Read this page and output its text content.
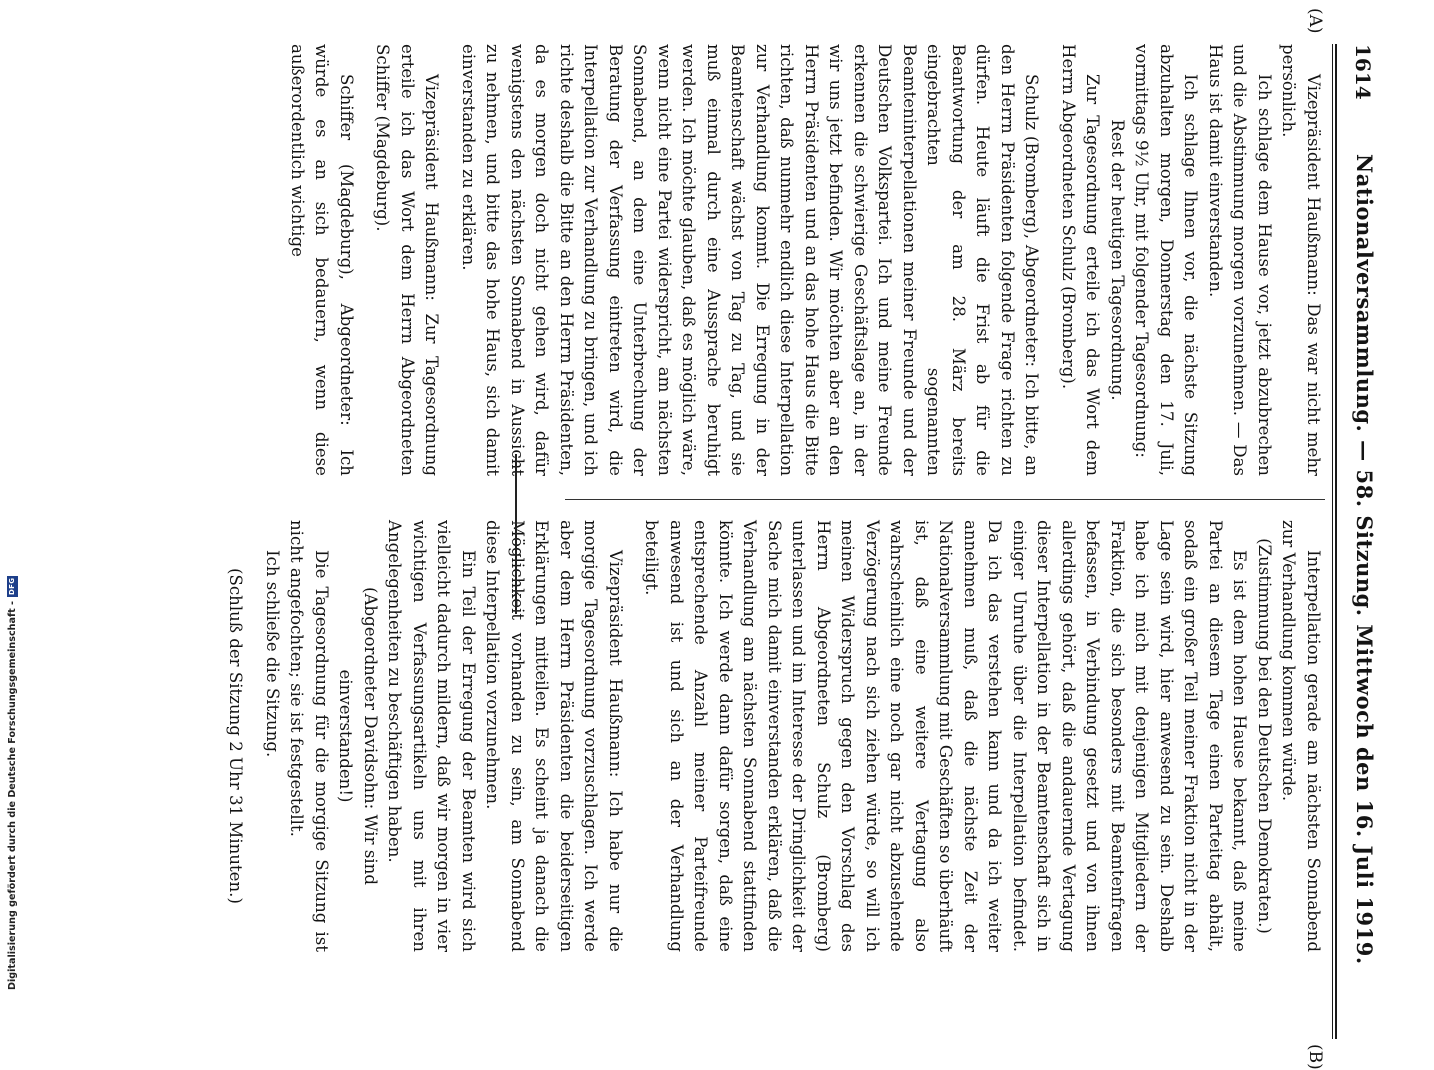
1614
Nationalversammlung. — 58. Sitzung. Mittwoch den 16. Juli 1919.
(A)
(B)

Vizepräsident Haußmann: Das war nicht mehr persönlich.

Ich schlage dem Hause vor, jetzt abzubrechen und die Abstimmung morgen vorzunehmen. — Das Haus ist damit einverstanden.

Ich schlage Ihnen vor, die nächste Sitzung abzuhalten morgen, Donnerstag den 17. Juli, vormittags 9½ Uhr, mit folgender Tagesordnung:

Rest der heutigen Tagesordnung.

Zur Tagesordnung erteile ich das Wort dem Herrn Abgeordneten Schulz (Bromberg).

Schulz (Bromberg), Abgeordneter: Ich bitte, an den Herrn Präsidenten folgende Frage richten zu dürfen. Heute läuft die Frist ab für die Beantwortung der am 28. März bereits eingebrachten sogenannten Beamteninterpellationen meiner Freunde und der Deutschen Volkspartei. Ich und meine Freunde erkennen die schwierige Geschäftslage an, in der wir uns jetzt befinden. Wir möchten aber an den Herrn Präsidenten und an das hohe Haus die Bitte richten, daß nunmehr endlich diese Interpellation zur Verhandlung kommt. Die Erregung in der Beamtenschaft wächst von Tag zu Tag, und sie muß einmal durch eine Aussprache beruhigt werden. Ich möchte glauben, daß es möglich wäre, wenn nicht eine Partei widerspricht, am nächsten Sonnabend, an dem eine Unterbrechung der Beratung der Verfassung eintreten wird, die Interpellation zur Verhandlung zu bringen, und ich richte deshalb die Bitte an den Herrn Präsidenten, da es morgen doch nicht gehen wird, dafür wenigstens den nächsten Sonnabend in Aussicht zu nehmen, und bitte das hohe Haus, sich damit einverstanden zu erklären.

Vizepräsident Haußmann: Zur Tagesordnung erteile ich das Wort dem Herrn Abgeordneten Schiffer (Magdeburg).

Schiffer (Magdeburg), Abgeordneter: Ich würde es an sich bedauern, wenn diese außerordentlich wichtige

Interpellation gerade am nächsten Sonnabend zur Verhandlung kommen würde.

(Zustimmung bei den Deutschen Demokraten.)

Es ist dem hohen Hause bekannt, daß meine Partei an diesem Tage einen Parteitag abhält, sodaß ein großer Teil meiner Fraktion nicht in der Lage sein wird, hier anwesend zu sein. Deshalb habe ich mich mit denjenigen Mitgliedern der Fraktion, die sich besonders mit Beamtenfragen befassen, in Verbindung gesetzt und von ihnen allerdings gehört, daß die andauernde Vertagung dieser Interpellation in der Beamtenschaft sich in einiger Unruhe über die Interpellation befindet. Da ich das verstehen kann und da ich weiter annehmen muß, daß die nächste Zeit der Nationalversammlung mit Geschäften so überhäuft ist, daß eine weitere Vertagung also wahrscheinlich eine noch gar nicht abzusehende Verzögerung nach sich ziehen würde, so will ich meinen Widerspruch gegen den Vorschlag des Herrn Abgeordneten Schulz (Bromberg) unterlassen und im Interesse der Dringlichkeit der Sache mich damit einverstanden erklären, daß die Verhandlung am nächsten Sonnabend stattfinden könnte. Ich werde dann dafür sorgen, daß eine entsprechende Anzahl meiner Parteifreunde anwesend ist und sich an der Verhandlung beteiligt.

Vizepräsident Haußmann: Ich habe nur die morgige Tagesordnung vorzuschlagen. Ich werde aber dem Herrn Präsidenten die beiderseitigen Erklärungen mitteilen. Es scheint ja danach die Möglichkeit vorhanden zu sein, am Sonnabend diese Interpellation vorzunehmen.

Ein Teil der Erregung der Beamten wird sich vielleicht dadurch mildern, daß wir morgen in vier wichtigen Verfassungsartikeln uns mit ihren Angelegenheiten zu beschäftigen haben.

(Abgeordneter Davidsohn: Wir sind einverstanden!)

Die Tagesordnung für die morgige Sitzung ist nicht angefochten; sie ist festgestellt.

Ich schließe die Sitzung.

(Schluß der Sitzung 2 Uhr 31 Minuten.)

Digitalisierung gefördert durch die Deutsche Forschungsgemeinschaft -
DFG
